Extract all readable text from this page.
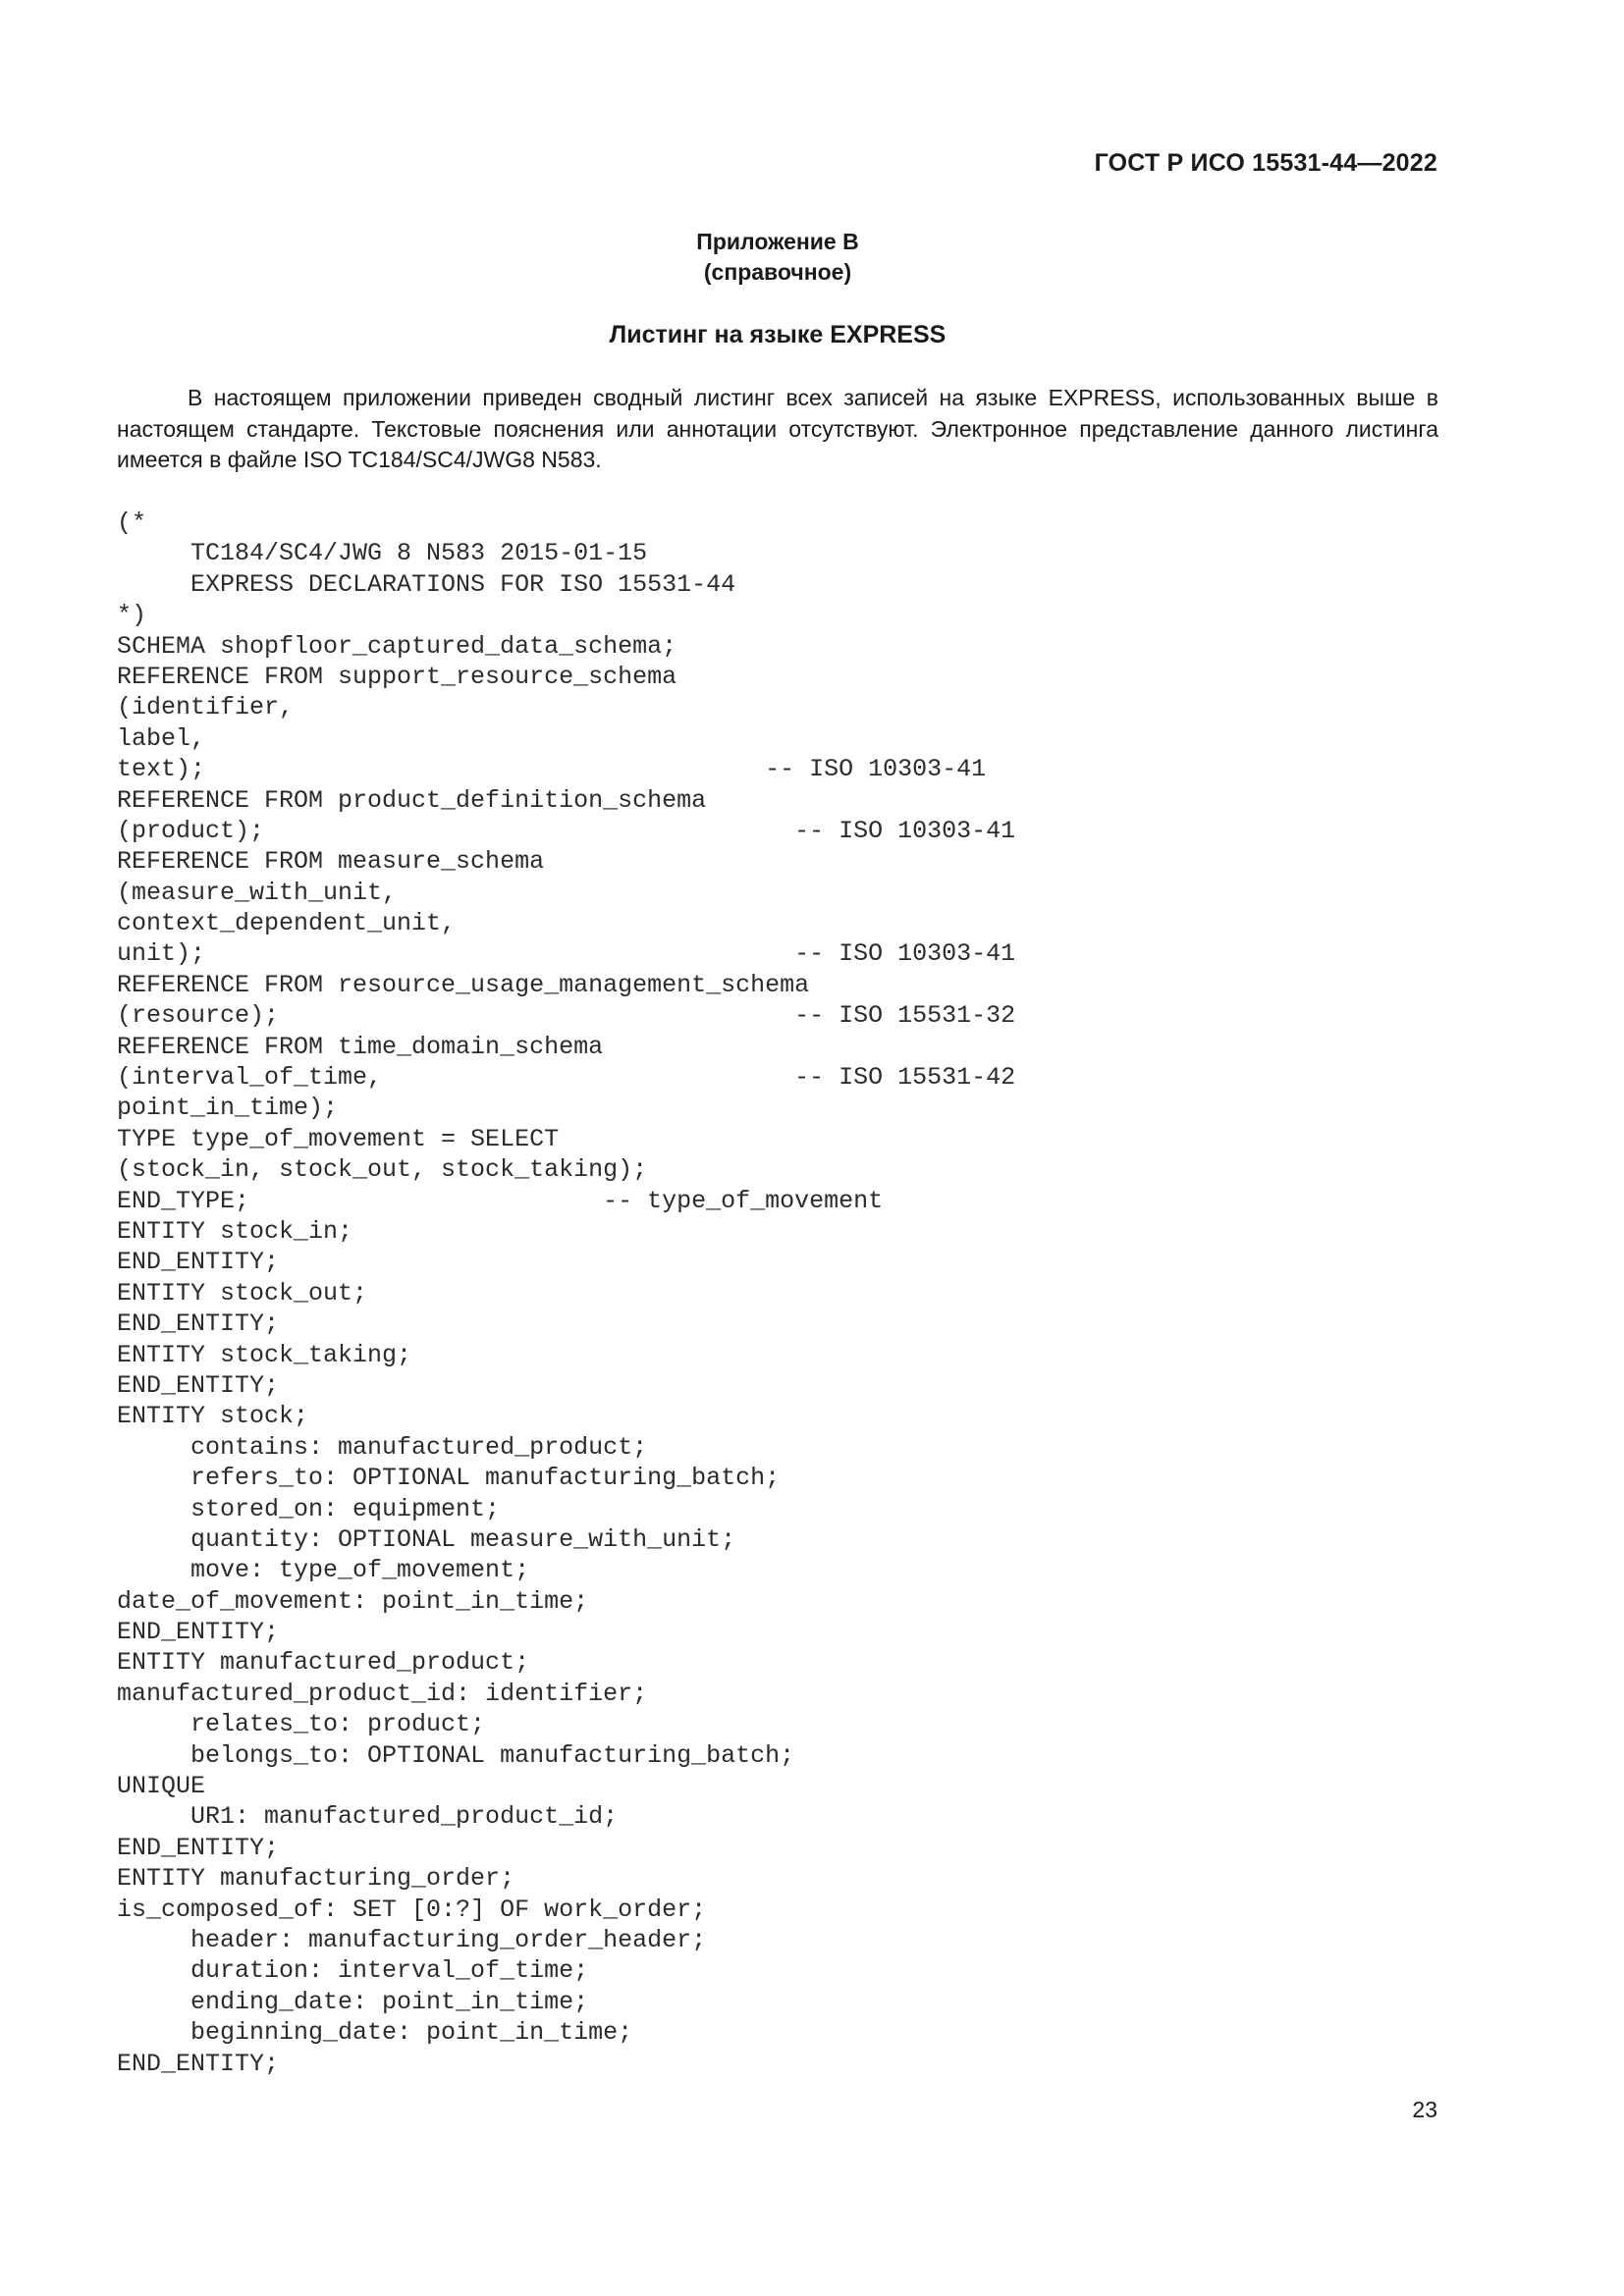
ГОСТ Р ИСО 15531-44—2022
Приложение В
(справочное)
Листинг на языке EXPRESS

В настоящем приложении приведен сводный листинг всех записей на языке EXPRESS, использованных выше в настоящем стандарте. Текстовые пояснения или аннотации отсутствуют. Электронное представление данного листинга имеется в файле ISO TC184/SC4/JWG8 N583.

(*
TC184/SC4/JWG 8 N583 2015-01-15
EXPRESS DECLARATIONS FOR ISO 15531-44
*)
SCHEMA shopfloor_captured_data_schema;
REFERENCE FROM support_resource_schema
(identifier,
label,
text);                                      -- ISO 10303-41
REFERENCE FROM product_definition_schema
(product);                                    -- ISO 10303-41
REFERENCE FROM measure_schema
(measure_with_unit,
context_dependent_unit,
unit);                                        -- ISO 10303-41
REFERENCE FROM resource_usage_management_schema
(resource);                                   -- ISO 15531-32
REFERENCE FROM time_domain_schema
(interval_of_time,                            -- ISO 15531-42
point_in_time);
TYPE type_of_movement = SELECT
(stock_in, stock_out, stock_taking);
END_TYPE;                        -- type_of_movement
ENTITY stock_in;
END_ENTITY;
ENTITY stock_out;
END_ENTITY;
ENTITY stock_taking;
END_ENTITY;
ENTITY stock;
contains: manufactured_product;
refers_to: OPTIONAL manufacturing_batch;
stored_on: equipment;
quantity: OPTIONAL measure_with_unit;
move: type_of_movement;
date_of_movement: point_in_time;
END_ENTITY;
ENTITY manufactured_product;
manufactured_product_id: identifier;
relates_to: product;
belongs_to: OPTIONAL manufacturing_batch;
UNIQUE
UR1: manufactured_product_id;
END_ENTITY;
ENTITY manufacturing_order;
is_composed_of: SET [0:?] OF work_order;
header: manufacturing_order_header;
duration: interval_of_time;
ending_date: point_in_time;
beginning_date: point_in_time;
END_ENTITY;
23
